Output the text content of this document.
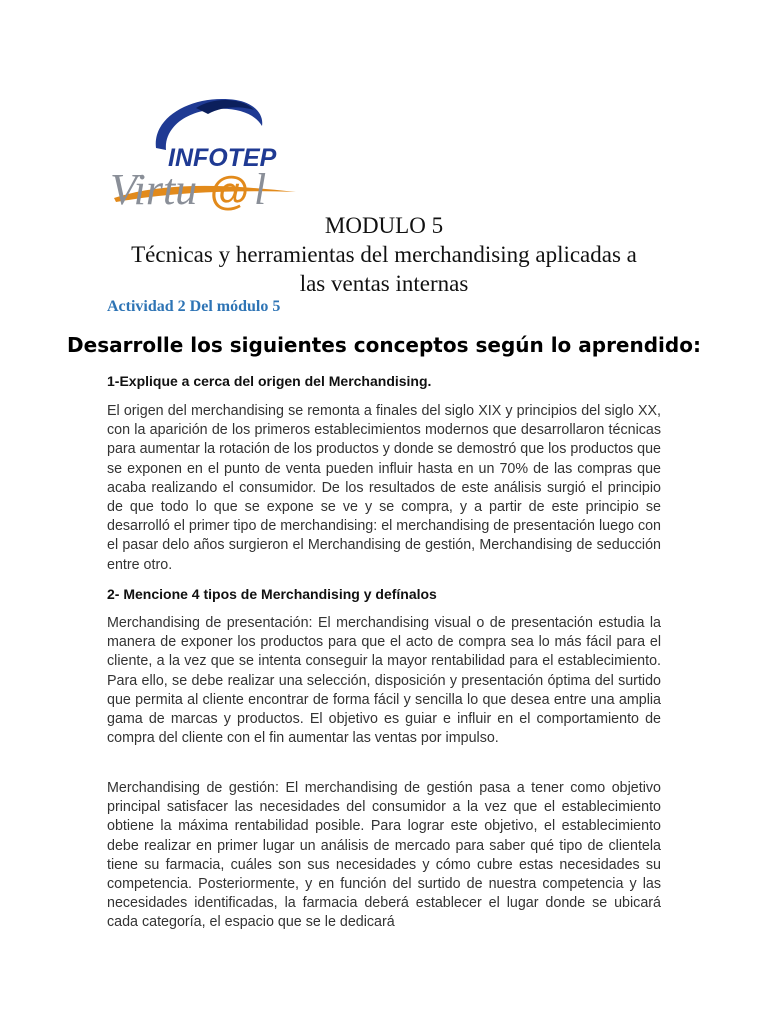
INFOTEP
Virtu @ l
MODULO 5
Técnicas y herramientas del merchandising aplicadas a
las ventas internas
Actividad 2 Del módulo 5
Desarrolle los siguientes conceptos según lo aprendido:
1-Explique a cerca del origen del Merchandising.

El origen del merchandising se remonta a finales del siglo XIX y principios del siglo XX, con la aparición de los primeros establecimientos modernos que desarrollaron técnicas para aumentar la rotación de los productos y donde se demostró que los productos que se exponen en el punto de venta pueden influir hasta en un 70% de las compras que acaba realizando el consumidor. De los resultados de este análisis surgió el principio de que todo lo que se expone se ve y se compra, y a partir de este principio se desarrolló el primer tipo de merchandising: el merchandising de presentación luego con el pasar delo años surgieron el Merchandising de gestión, Merchandising de seducción entre otro.

2- Mencione 4 tipos de Merchandising y defínalos

Merchandising de presentación: El merchandising visual o de presentación estudia la manera de exponer los productos para que el acto de compra sea lo más fácil para el cliente, a la vez que se intenta conseguir la mayor rentabilidad para el establecimiento. Para ello, se debe realizar una selección, disposición y presentación óptima del surtido que permita al cliente encontrar de forma fácil y sencilla lo que desea entre una amplia gama de marcas y productos. El objetivo es guiar e influir en el comportamiento de compra del cliente con el fin aumentar las ventas por impulso.

Merchandising de gestión: El merchandising de gestión pasa a tener como objetivo principal satisfacer las necesidades del consumidor a la vez que el establecimiento obtiene la máxima rentabilidad posible. Para lograr este objetivo, el establecimiento debe realizar en primer lugar un análisis de mercado para saber qué tipo de clientela tiene su farmacia, cuáles son sus necesidades y cómo cubre estas necesidades su competencia. Posteriormente, y en función del surtido de nuestra competencia y las necesidades identificadas, la farmacia deberá establecer el lugar donde se ubicará cada categoría, el espacio que se le dedicará
